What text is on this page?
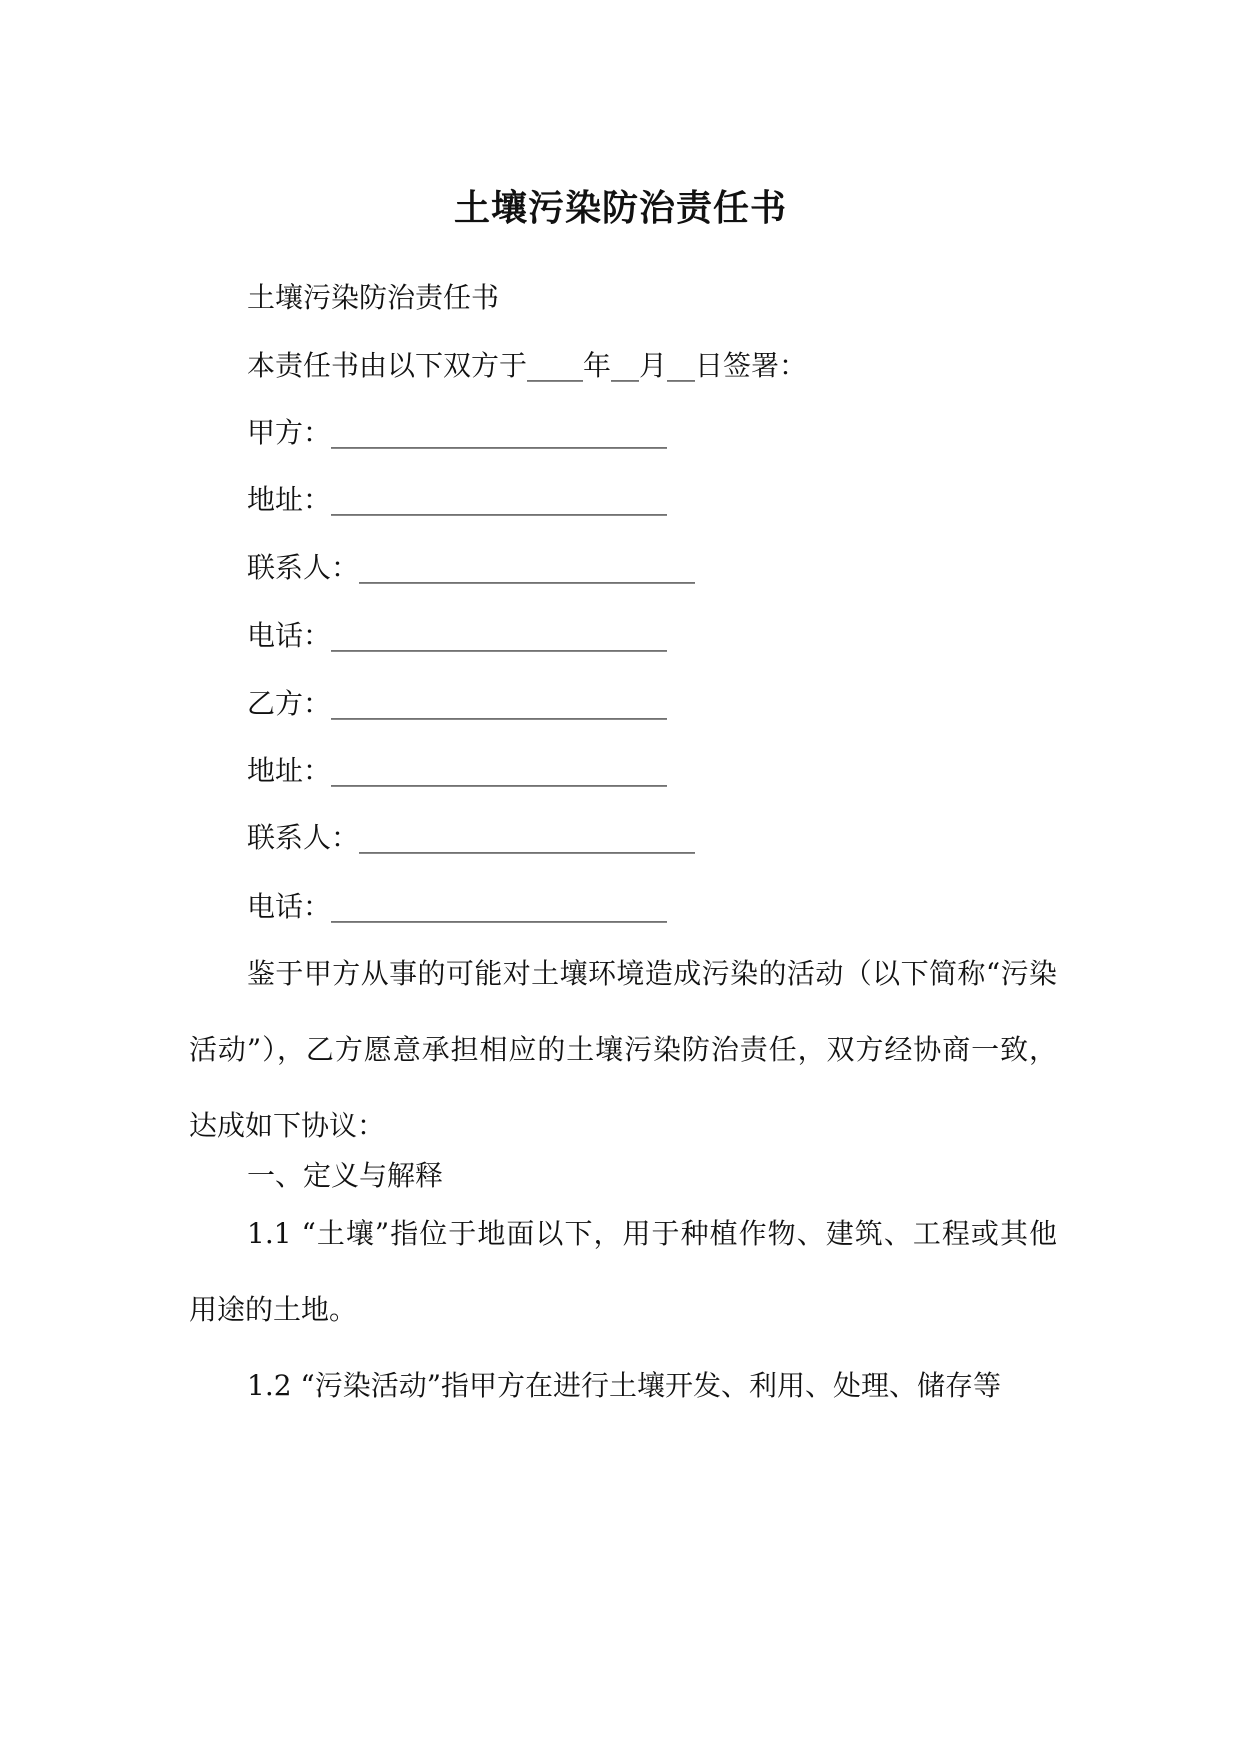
土壤污染防治责任书

土壤污染防治责任书

本责任书由以下双方于____年__月__日签署：

甲方：________________________

地址：________________________

联系人：________________________

电话：________________________

乙方：________________________

地址：________________________

联系人：________________________

电话：________________________

鉴于甲方从事的可能对土壤环境造成污染的活动（以下简称“污染活动”），乙方愿意承担相应的土壤污染防治责任，双方经协商一致，达成如下协议：

一、定义与解释

1.1 “土壤”指位于地面以下，用于种植作物、建筑、工程或其他用途的土地。

1.2 “污染活动”指甲方在进行土壤开发、利用、处理、储存等
